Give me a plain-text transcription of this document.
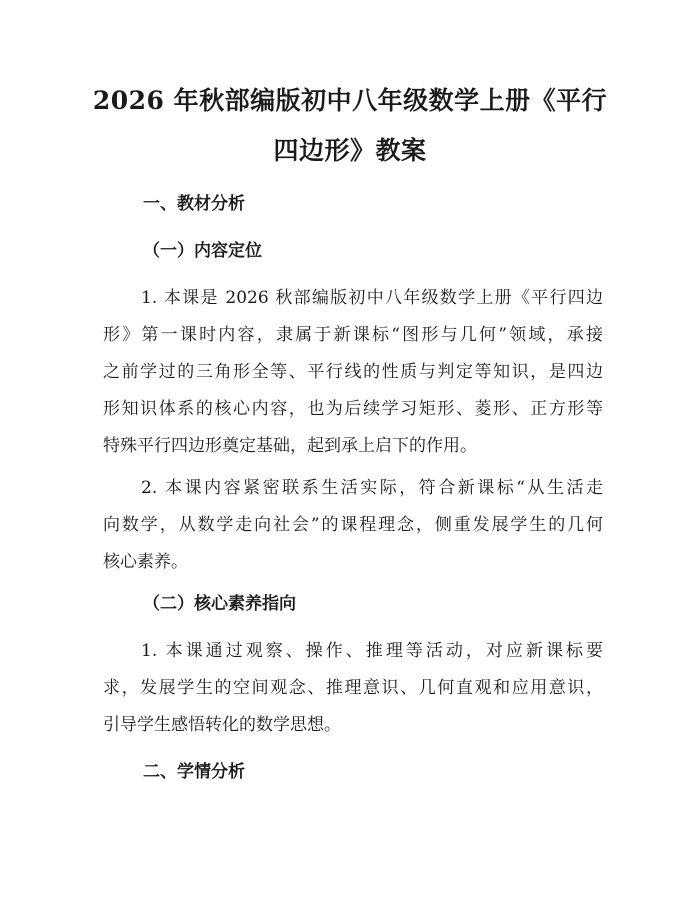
2026 年秋部编版初中八年级数学上册《平行
四边形》教案
一、教材分析
（一）内容定位
1. 本课是 2026 秋部编版初中八年级数学上册《平行四边
形》第一课时内容，隶属于新课标“图形与几何”领域，承接
之前学过的三角形全等、平行线的性质与判定等知识，是四边
形知识体系的核心内容，也为后续学习矩形、菱形、正方形等
特殊平行四边形奠定基础，起到承上启下的作用。
2. 本课内容紧密联系生活实际，符合新课标“从生活走
向数学，从数学走向社会”的课程理念，侧重发展学生的几何
核心素养。
（二）核心素养指向
1. 本课通过观察、操作、推理等活动，对应新课标要
求，发展学生的空间观念、推理意识、几何直观和应用意识，
引导学生感悟转化的数学思想。
二、学情分析
